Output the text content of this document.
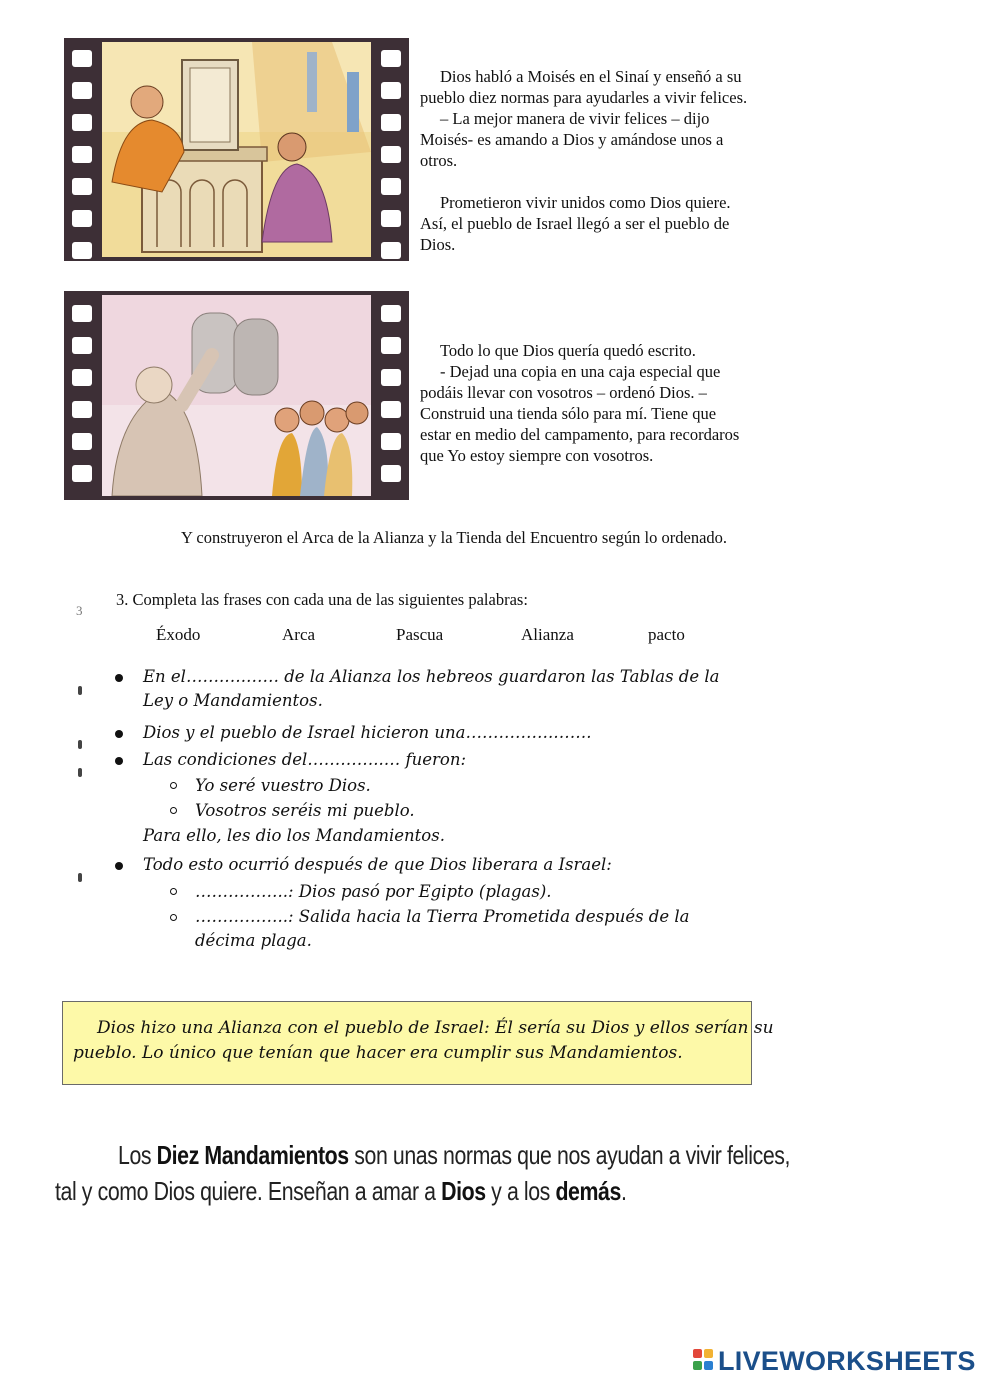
Dios habló a Moisés en el Sinaí y enseñó a su pueblo diez normas para ayudarles a vivir felices.

– La mejor manera de vivir felices – dijo Moisés- es amando a Dios y amándose unos a otros.

Prometieron vivir unidos como Dios quiere. Así, el pueblo de Israel llegó a ser el pueblo de Dios.

Todo lo que Dios quería quedó escrito.

- Dejad una copia en una caja especial que podáis llevar con vosotros – ordenó Dios. –Construid una tienda sólo para mí. Tiene que estar en medio del campamento, para recordaros que Yo estoy siempre con vosotros.

Y construyeron el Arca de la Alianza y la Tienda del Encuentro según lo ordenado.
3
3. Completa las frases con cada una de las siguientes palabras:
Éxodo	Arca	Pascua	Alianza	pacto
En el…….….…… de la Alianza los hebreos guardaron las Tablas de la
Ley o Mandamientos.
Dios y el pueblo de Israel hicieron una…………….…….
Las condiciones del…………..… fueron:
Yo seré vuestro Dios.
Vosotros seréis mi pueblo.
Para ello, les dio los Mandamientos.
Todo esto ocurrió después de que Dios liberara a Israel:
……………..: Dios pasó por Egipto (plagas).
……………..: Salida hacia la Tierra Prometida después de la
décima plaga.
Dios hizo una Alianza con el pueblo de Israel: Él sería su Dios y ellos serían su
pueblo. Lo único que tenían que hacer era cumplir sus Mandamientos.
Los Diez Mandamientos son unas normas que nos ayudan a vivir felices,
tal y como Dios quiere. Enseñan a amar a Dios y a los demás.
LIVEWORKSHEETS
